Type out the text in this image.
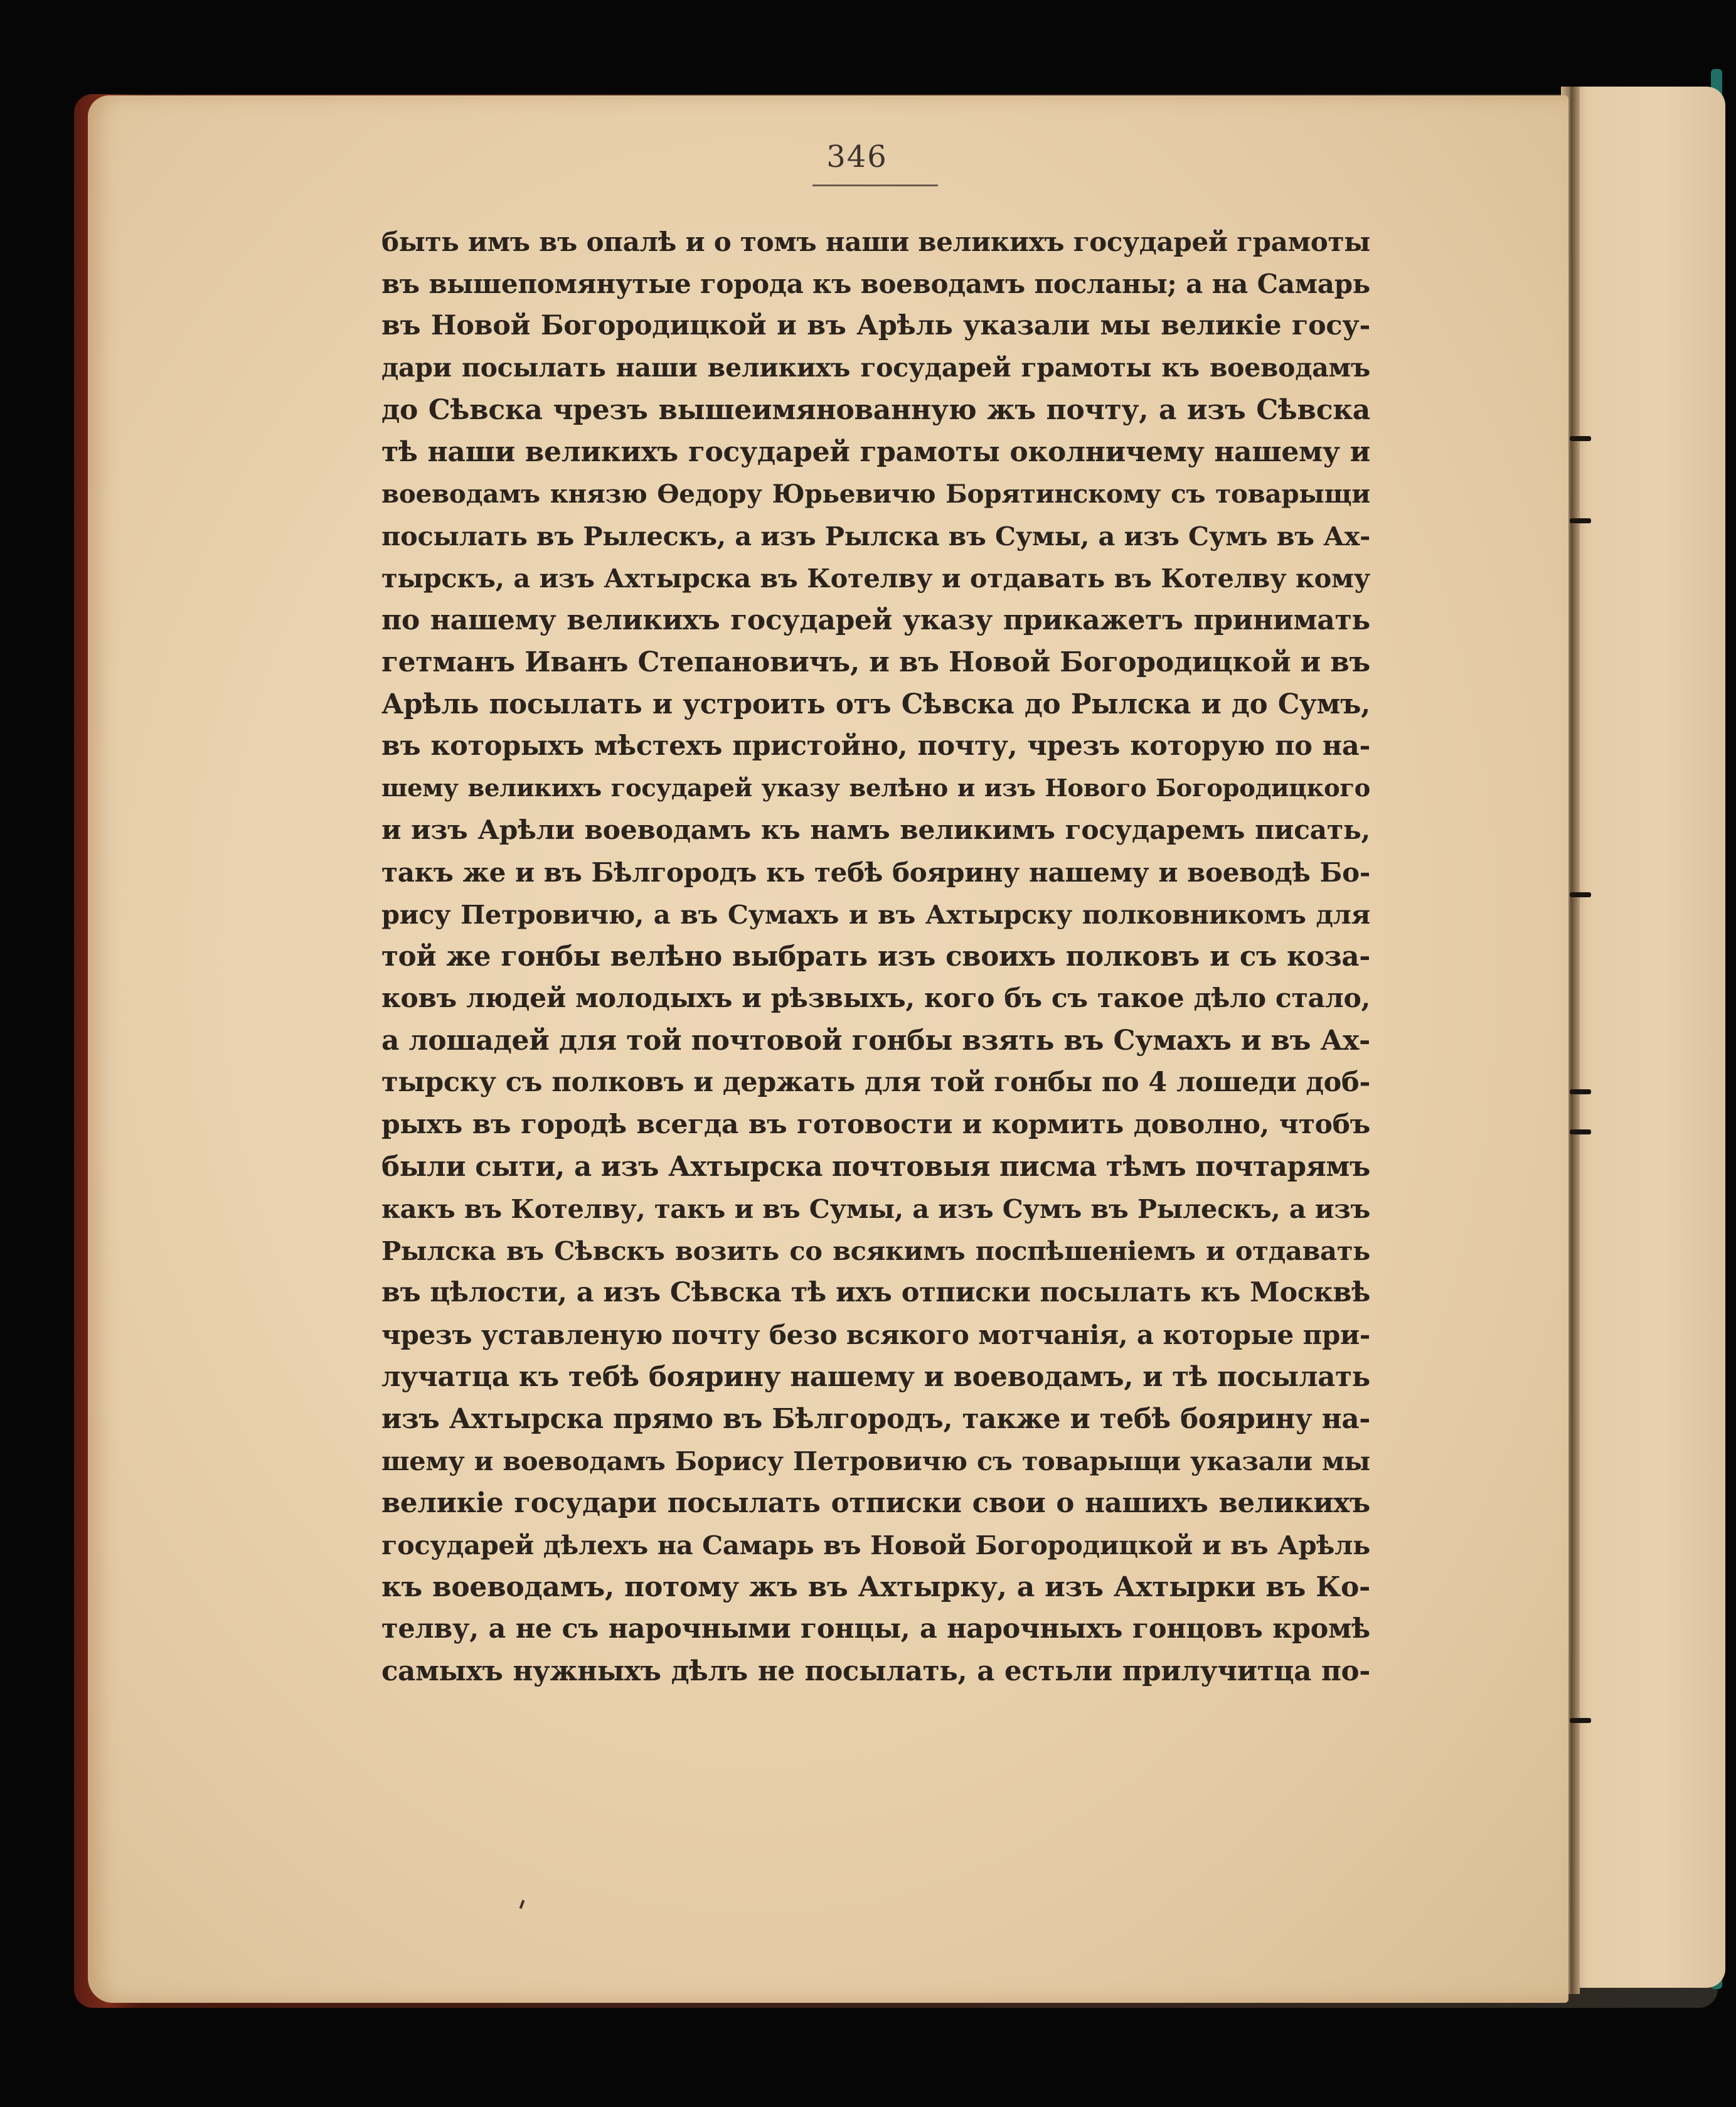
346
быть имъ въ опалѣ и о томъ наши великихъ государей грамоты
въ вышепомянутые города къ воеводамъ посланы; а на Самарь
въ Новой Богородицкой и въ Арѣль указали мы великіе госу-
дари посылать наши великихъ государей грамоты къ воеводамъ
до Сѣвска чрезъ вышеимянованную жъ почту, а изъ Сѣвска
тѣ наши великихъ государей грамоты околничему нашему и
воеводамъ князю Ѳедору Юрьевичю Борятинскому съ товарыщи
посылать въ Рылескъ, а изъ Рылска въ Сумы, а изъ Сумъ въ Ах-
тырскъ, а изъ Ахтырска въ Котелву и отдавать въ Котелву кому
по нашему великихъ государей указу прикажетъ принимать
гетманъ Иванъ Степановичъ, и въ Новой Богородицкой и въ
Арѣль посылать и устроить отъ Сѣвска до Рылска и до Сумъ,
въ которыхъ мѣстехъ пристойно, почту, чрезъ которую по на-
шему великихъ государей указу велѣно и изъ Нового Богородицкого
и изъ Арѣли воеводамъ къ намъ великимъ государемъ писать,
такъ же и въ Бѣлгородъ къ тебѣ боярину нашему и воеводѣ Бо-
рису Петровичю, а въ Сумахъ и въ Ахтырску полковникомъ для
той же гонбы велѣно выбрать изъ своихъ полковъ и съ коза-
ковъ людей молодыхъ и рѣзвыхъ, кого бъ съ такое дѣло стало,
а лошадей для той почтовой гонбы взять въ Сумахъ и въ Ах-
тырску съ полковъ и держать для той гонбы по 4 лошеди доб-
рыхъ въ городѣ всегда въ готовости и кормить доволно, чтобъ
были сыти, а изъ Ахтырска почтовыя писма тѣмъ почтарямъ
какъ въ Котелву, такъ и въ Сумы, а изъ Сумъ въ Рылескъ, а изъ
Рылска въ Сѣвскъ возить со всякимъ поспѣшеніемъ и отдавать
въ цѣлости, а изъ Сѣвска тѣ ихъ отписки посылать къ Москвѣ
чрезъ уставленую почту безо всякого мотчанія, а которые при-
лучатца къ тебѣ боярину нашему и воеводамъ, и тѣ посылать
изъ Ахтырска прямо въ Бѣлгородъ, также и тебѣ боярину на-
шему и воеводамъ Борису Петровичю съ товарыщи указали мы
великіе государи посылать отписки свои о нашихъ великихъ
государей дѣлехъ на Самарь въ Новой Богородицкой и въ Арѣль
къ воеводамъ, потому жъ въ Ахтырку, а изъ Ахтырки въ Ко-
телву, а не съ нарочными гонцы, а нарочныхъ гонцовъ кромѣ
самыхъ нужныхъ дѣлъ не посылать, а естьли прилучитца по-
